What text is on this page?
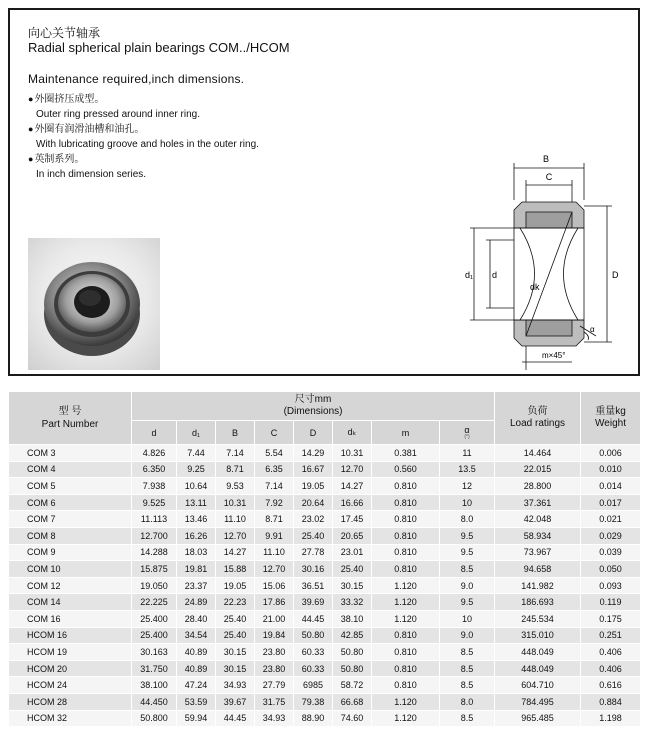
向心关节轴承
Radial spherical plain bearings COM../HCOM
Maintenance required,inch dimensions.
● 外圈挤压成型。
Outer ring pressed around inner ring.
● 外圈有润滑油槽和油孔。
With lubricating groove and holes in the outer ring.
● 英制系列。
In inch dimension series.
B
C
d₁ d	D
dk
α
m×45°
型 号
Part Number	尺寸mm
(Dimensions)								负荷
Load ratings	重量kg
Weight
	d	d₁	B	C	D	dₖ	m	α
(°)		

COM 3	4.826	7.44	7.14	5.54	14.29	10.31	0.381	11	14.464	0.006
COM 4	6.350	9.25	8.71	6.35	16.67	12.70	0.560	13.5	22.015	0.010
COM 5	7.938	10.64	9.53	7.14	19.05	14.27	0.810	12	28.800	0.014
COM 6	9.525	13.11	10.31	7.92	20.64	16.66	0.810	10	37.361	0.017
COM 7	11.113	13.46	11.10	8.71	23.02	17.45	0.810	8.0	42.048	0.021
COM 8	12.700	16.26	12.70	9.91	25.40	20.65	0.810	9.5	58.934	0.029
COM 9	14.288	18.03	14.27	11.10	27.78	23.01	0.810	9.5	73.967	0.039
COM 10	15.875	19.81	15.88	12.70	30.16	25.40	0.810	8.5	94.658	0.050
COM 12	19.050	23.37	19.05	15.06	36.51	30.15	1.120	9.0	141.982	0.093
COM 14	22.225	24.89	22.23	17.86	39.69	33.32	1.120	9.5	186.693	0.119
COM 16	25.400	28.40	25.40	21.00	44.45	38.10	1.120	10	245.534	0.175
HCOM 16	25.400	34.54	25.40	19.84	50.80	42.85	0.810	9.0	315.010	0.251
HCOM 19	30.163	40.89	30.15	23.80	60.33	50.80	0.810	8.5	448.049	0.406
HCOM 20	31.750	40.89	30.15	23.80	60.33	50.80	0.810	8.5	448.049	0.406
HCOM 24	38.100	47.24	34.93	27.79	6985	58.72	0.810	8.5	604.710	0.616
HCOM 28	44.450	53.59	39.67	31.75	79.38	66.68	1.120	8.0	784.495	0.884
HCOM 32	50.800	59.94	44.45	34.93	88.90	74.60	1.120	8.5	965.485	1.198
